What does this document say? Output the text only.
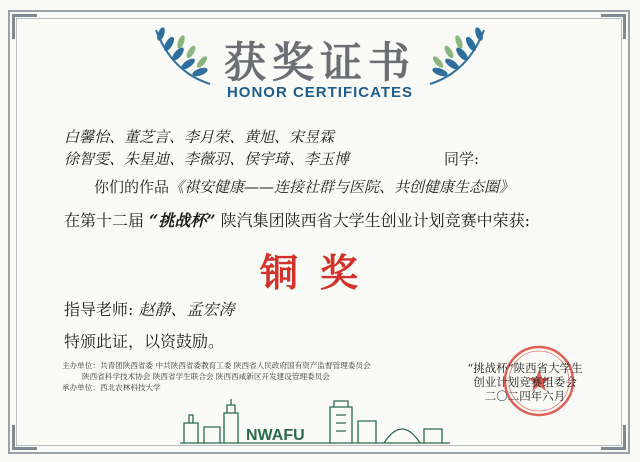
获奖证书
HONOR CERTIFICATES
白馨怡、董芝言、李月荣、黄旭、宋昱霖
徐智雯、朱星迪、李薇羽、侯宇琦、李玉博	同学:
你们的作品《祺安健康——连接社群与医院、共创健康生态圈》
在第十二届 “挑战杯” 陕汽集团陕西省大学生创业计划竞赛中荣获:
铜奖
指导老师: 赵静、孟宏涛
特颁此证，以资鼓励。
主办单位：共青团陕西省委 中共陕西省委教育工委 陕西省人民政府国有资产监督管理委员会
陕西省科学技术协会 陕西省学生联合会 陕西西咸新区开发建设管理委员会
承办单位：西北农林科技大学
“挑战杯”陕西省大学生
创业计划竞赛组委会
二〇二四年六月
NWAFU
